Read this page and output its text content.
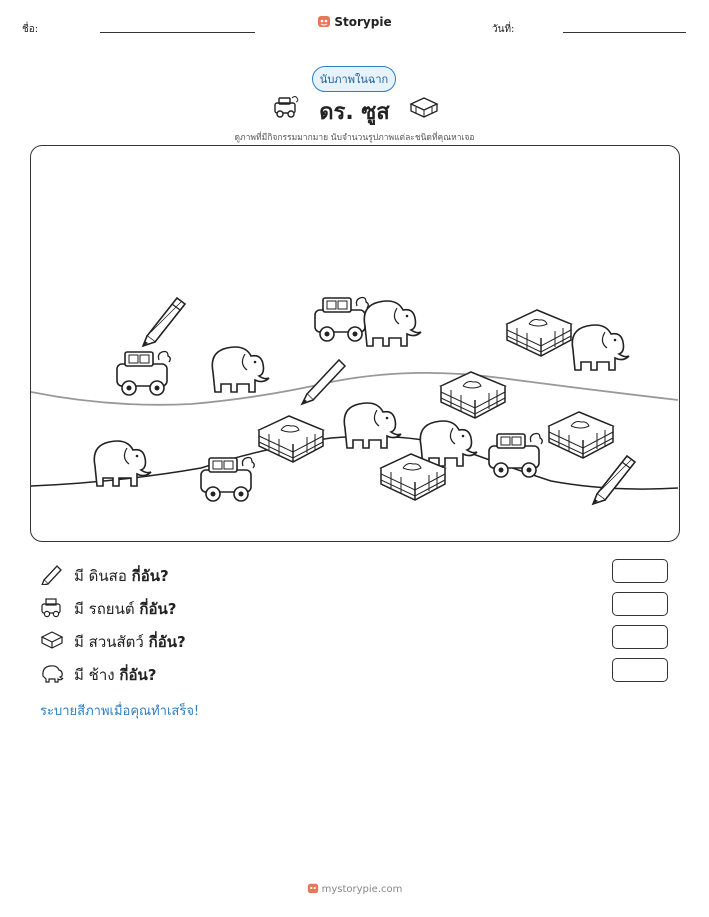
ชื่อ:
Storypie
วันที่:
นับภาพในฉาก
ดร. ซูส
ดูภาพที่มีกิจกรรมมากมาย นับจำนวนรูปภาพแต่ละชนิดที่คุณหาเจอ
มี ดินสอ กี่อัน?
มี รถยนต์ กี่อัน?
มี สวนสัตว์ กี่อัน?
มี ช้าง กี่อัน?
ระบายสีภาพเมื่อคุณทำเสร็จ!
mystorypie.com
